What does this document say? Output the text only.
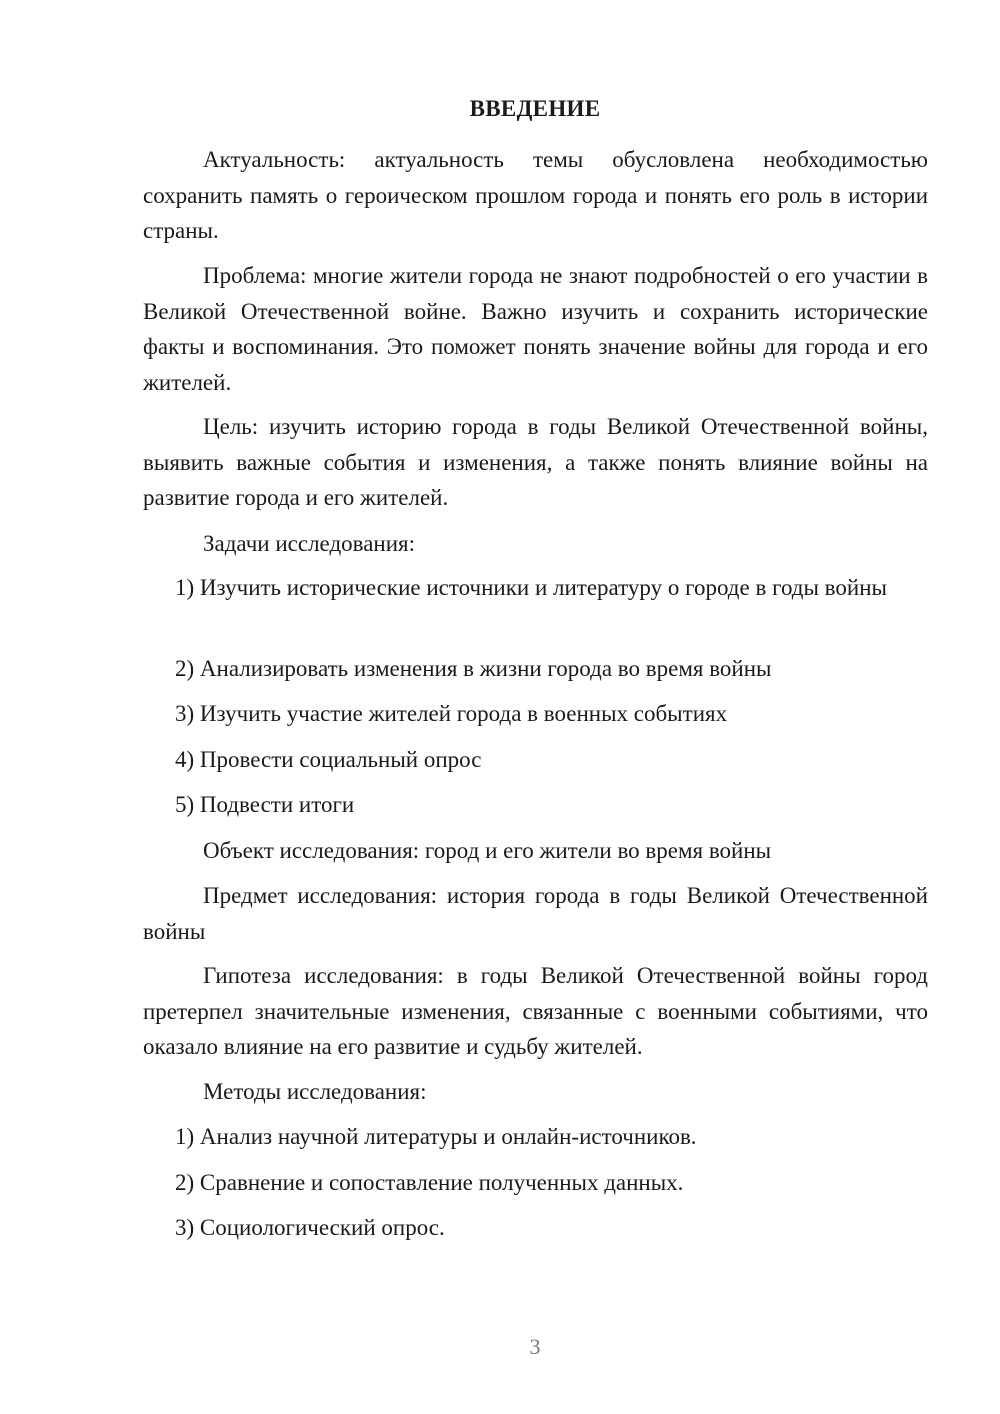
ВВЕДЕНИЕ

Актуальность: актуальность темы обусловлена необходимостью сохранить память о героическом прошлом города и понять его роль в истории страны.

Проблема: многие жители города не знают подробностей о его участии в Великой Отечественной войне. Важно изучить и сохранить исторические факты и воспоминания. Это поможет понять значение войны для города и его жителей.

Цель: изучить историю города в годы Великой Отечественной войны, выявить важные события и изменения, а также понять влияние войны на развитие города и его жителей.

Задачи исследования:

1) Изучить исторические источники и литературу о городе в годы войны

2) Анализировать изменения в жизни города во время войны

3) Изучить участие жителей города в военных событиях

4) Провести социальный опрос

5) Подвести итоги

Объект исследования: город и его жители во время войны

Предмет исследования: история города в годы Великой Отечественной войны

Гипотеза исследования: в годы Великой Отечественной войны город претерпел значительные изменения, связанные с военными событиями, что оказало влияние на его развитие и судьбу жителей.

Методы исследования:

1) Анализ научной литературы и онлайн-источников.

2) Сравнение и сопоставление полученных данных.

3) Социологический опрос.

3
